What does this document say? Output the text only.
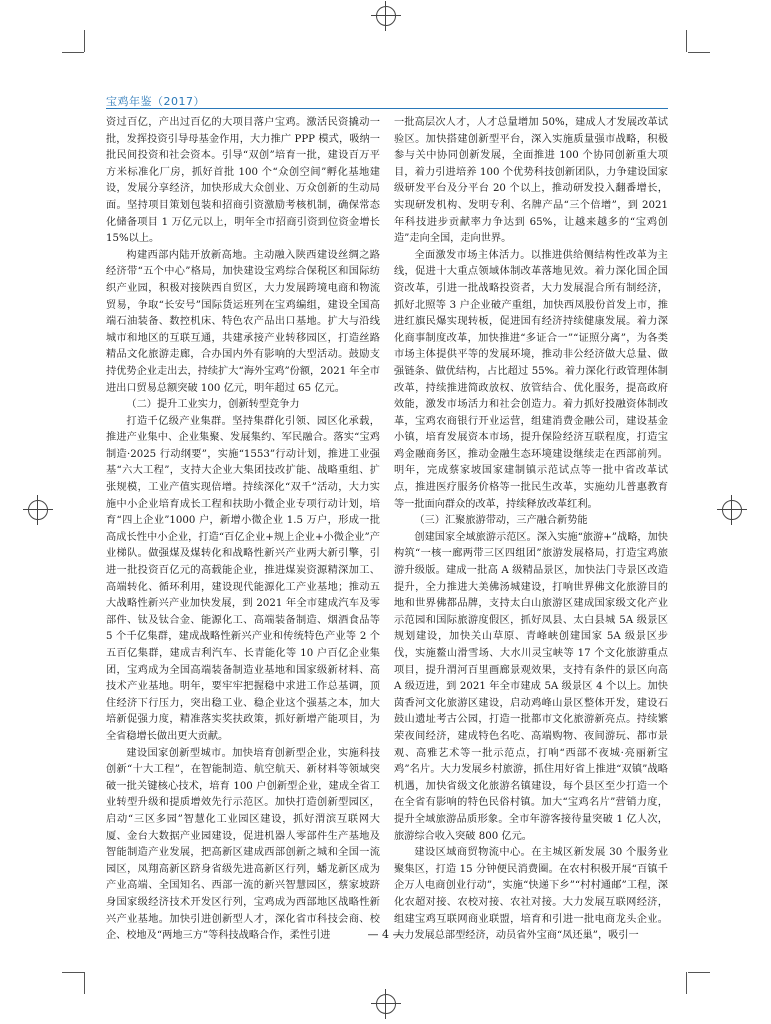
宝鸡年鉴（2017）

资过百亿，产出过百亿的大项目落户宝鸡。激活民资撬动一批，发挥投资引导母基金作用，大力推广 PPP 模式，吸纳一批民间投资和社会资本。引导“双创”培育一批，建设百万平方米标准化厂房，抓好首批 100 个“众创空间”孵化基地建设，发展分享经济，加快形成大众创业、万众创新的生动局面。坚持项目策划包装和招商引资激励考核机制，确保常态化储备项目 1 万亿元以上，明年全市招商引资到位资金增长 15%以上。

构建西部内陆开放新高地。主动融入陕西建设丝绸之路经济带“五个中心”格局，加快建设宝鸡综合保税区和国际纺织产业园，积极对接陕西自贸区，大力发展跨境电商和物流贸易，争取“长安号”国际货运班列在宝鸡编组，建设全国高端石油装备、数控机床、特色农产品出口基地。扩大与沿线城市和地区的互联互通，共建承接产业转移园区，打造丝路精品文化旅游走廊，合办国内外有影响的大型活动。鼓励支持优势企业走出去，持续扩大“海外宝鸡”份额，2021 年全市进出口贸易总额突破 100 亿元，明年超过 65 亿元。

（二）提升工业实力，创新转型竞争力

打造千亿级产业集群。坚持集群化引领、园区化承载，推进产业集中、企业集聚、发展集约、军民融合。落实“宝鸡制造·2025 行动纲要”，实施“1553”行动计划，推进工业强基“六大工程”，支持大企业大集团技改扩能、战略重组、扩张规模，工业产值实现倍增。持续深化“双千”活动，大力实施中小企业培育成长工程和扶助小微企业专项行动计划，培育“四上企业”1000 户，新增小微企业 1.5 万户，形成一批高成长性中小企业，打造“百亿企业+规上企业+小微企业”产业梯队。做强煤及煤转化和战略性新兴产业两大新引擎，引进一批投资百亿元的高载能企业，推进煤炭资源精深加工、高端转化、循环利用，建设现代能源化工产业基地；推动五大战略性新兴产业加快发展，到 2021 年全市建成汽车及零部件、钛及钛合金、能源化工、高端装备制造、烟酒食品等 5 个千亿集群，建成战略性新兴产业和传统特色产业等 2 个五百亿集群，建成吉利汽车、长青能化等 10 户百亿企业集团，宝鸡成为全国高端装备制造业基地和国家级新材料、高技术产业基地。明年，要牢牢把握稳中求进工作总基调，顶住经济下行压力，突出稳工业、稳企业这个强基之本，加大培新促强力度，精准落实奖扶政策，抓好新增产能项目，为全省稳增长做出更大贡献。

建设国家创新型城市。加快培育创新型企业，实施科技创新“十大工程”，在智能制造、航空航天、新材料等领域突破一批关键核心技术，培育 100 户创新型企业，建成全省工业转型升级和提质增效先行示范区。加快打造创新型园区，启动“三区多园”智慧化工业园区建设，抓好渭滨互联网大厦、金台大数据产业园建设，促进机器人零部件生产基地及智能制造产业发展，把高新区建成西部创新之城和全国一流园区，凤翔高新区跻身省级先进高新区行列，蟠龙新区成为产业高端、全国知名、西部一流的新兴智慧园区，蔡家坡跻身国家级经济技术开发区行列，宝鸡成为西部地区战略性新兴产业基地。加快引进创新型人才，深化省市科技会商、校企、校地及“两地三方”等科技战略合作，柔性引进

一批高层次人才，人才总量增加 50%，建成人才发展改革试验区。加快搭建创新型平台，深入实施质量强市战略，积极参与关中协同创新发展，全面推进 100 个协同创新重大项目，着力引进培养 100 个优势科技创新团队，力争建设国家级研发平台及分平台 20 个以上，推动研发投入翻番增长，实现研发机构、发明专利、名牌产品“三个倍增”，到 2021 年科技进步贡献率力争达到 65%，让越来越多的“宝鸡创造”走向全国，走向世界。

全面激发市场主体活力。以推进供给侧结构性改革为主线，促进十大重点领域体制改革落地见效。着力深化国企国资改革，引进一批战略投资者，大力发展混合所有制经济，抓好北照等 3 户企业破产重组，加快西凤股份首发上市，推进红旗民爆实现转板，促进国有经济持续健康发展。着力深化商事制度改革，加快推进“多证合一”“证照分离”，为各类市场主体提供平等的发展环境，推动非公经济做大总量、做强链条、做优结构，占比超过 55%。着力深化行政管理体制改革，持续推进简政放权、放管结合、优化服务，提高政府效能，激发市场活力和社会创造力。着力抓好投融资体制改革，宝鸡农商银行开业运营，组建消费金融公司，建设基金小镇，培育发展资本市场，提升保险经济互联程度，打造宝鸡金融商务区，推动金融生态环境建设继续走在西部前列。明年，完成蔡家坡国家建制镇示范试点等一批中省改革试点，推进医疗服务价格等一批民生改革，实施幼儿普惠教育等一批面向群众的改革，持续释放改革红利。

（三）汇聚旅游带动，三产融合新势能

创建国家全域旅游示范区。深入实施“旅游+”战略，加快构筑“一核一廊两带三区四组团”旅游发展格局，打造宝鸡旅游升级版。建成一批高 A 级精品景区，加快法门寺景区改造提升，全力推进大美佛汤城建设，打响世界佛文化旅游目的地和世界佛都品牌，支持太白山旅游区建成国家级文化产业示范园和国际旅游度假区，抓好凤县、太白县城 5A 级景区规划建设，加快关山草原、青峰峡创建国家 5A 级景区步伐，实施鳌山滑雪场、大水川灵宝峡等 17 个文化旅游重点项目，提升渭河百里画廊景观效果，支持有条件的景区向高 A 级迈进，到 2021 年全市建成 5A 级景区 4 个以上。加快茵香河文化旅游区建设，启动鸡峰山景区整体开发，建设石鼓山遗址考古公园，打造一批都市文化旅游新亮点。持续繁荣夜间经济，建成特色名吃、高端购物、夜间游玩、都市景观、高雅艺术等一批示范点，打响“西部不夜城·亮丽新宝鸡”名片。大力发展乡村旅游，抓住用好省上推进“双镇”战略机遇，加快省级文化旅游名镇建设，每个县区至少打造一个在全省有影响的特色民俗村镇。加大“宝鸡名片”营销力度，提升全域旅游品质形象。全市年游客接待量突破 1 亿人次，旅游综合收入突破 800 亿元。

建设区域商贸物流中心。在主城区新发展 30 个服务业聚集区，打造 15 分钟便民消费圈。在农村积极开展“百镇千企万人电商创业行动”，实施“快递下乡”“村村通邮”工程，深化农超对接、农校对接、农社对接。大力发展互联网经济，组建宝鸡互联网商业联盟，培育和引进一批电商龙头企业。大力发展总部型经济，动员省外宝商“凤还巢”，吸引一

— 4 —
